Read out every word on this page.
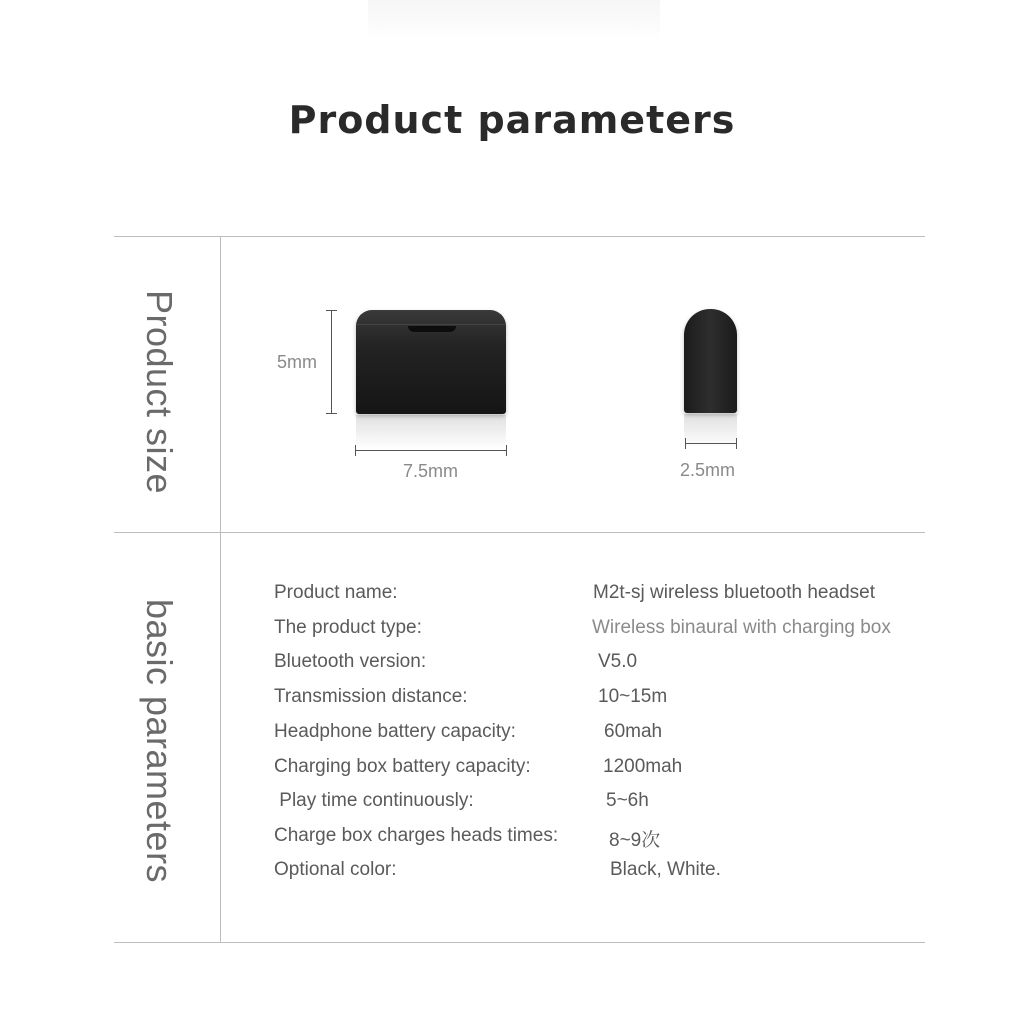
Product parameters
Product size	5mm
7.5mm	2.5mm
basic parameters
Product name:	M2t-sj wireless bluetooth headset
The product type:	Wireless binaural with charging box
Bluetooth version:	V5.0
Transmission distance:	10~15m
Headphone battery capacity:	60mah
Charging box battery capacity:	1200mah
Play time continuously:	5~6h
Charge box charges heads times:	8~9次
Optional color:	Black, White.
